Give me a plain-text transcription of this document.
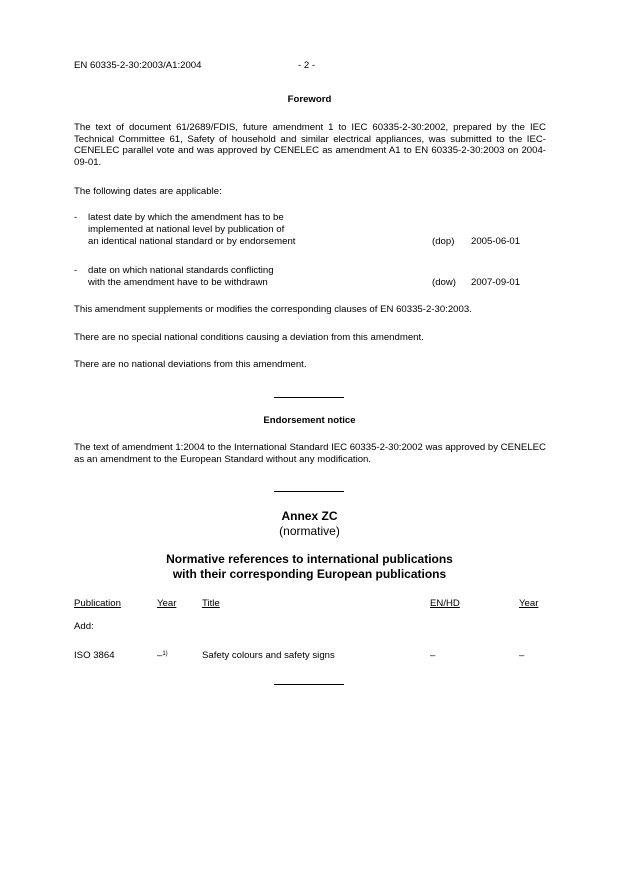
EN 60335-2-30:2003/A1:2004	- 2 -
Foreword
The text of document 61/2689/FDIS, future amendment 1 to IEC 60335-2-30:2002, prepared by the IEC Technical Committee 61, Safety of household and similar electrical appliances, was submitted to the IEC-CENELEC parallel vote and was approved by CENELEC as amendment A1 to EN 60335-2-30:2003 on 2004-09-01.
The following dates are applicable:
- latest date by which the amendment has to be
implemented at national level by publication of
an identical national standard or by endorsement	(dop) 2005-06-01
- date on which national standards conflicting
with the amendment have to be withdrawn	(dow) 2007-09-01
This amendment supplements or modifies the corresponding clauses of EN 60335-2-30:2003.
There are no special national conditions causing a deviation from this amendment.
There are no national deviations from this amendment.
Endorsement notice
The text of amendment 1:2004 to the International Standard IEC 60335-2-30:2002 was approved by CENELEC as an amendment to the European Standard without any modification.
Annex ZC
(normative)
Normative references to international publications
with their corresponding European publications
Publication	Year	Title	EN/HD	Year
Add:
ISO 3864	–$^{1)}$	Safety colours and safety signs	–	–
